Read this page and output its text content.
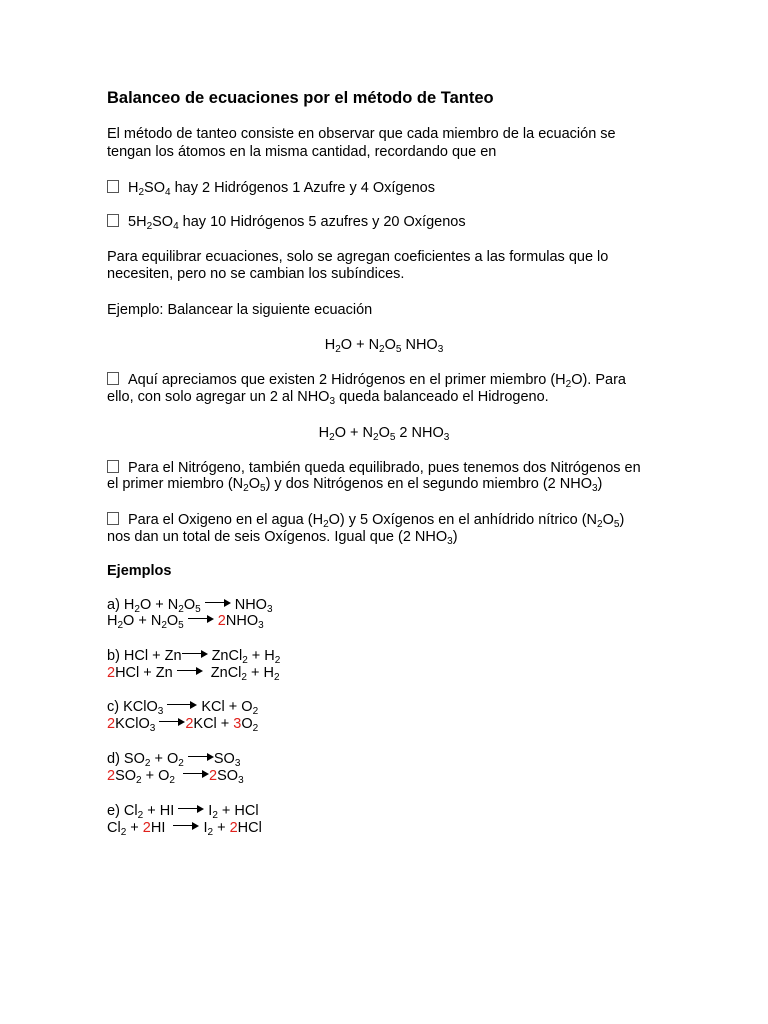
Balanceo de ecuaciones por el método de Tanteo
El método de tanteo consiste en observar que cada miembro de la ecuación se
tengan los átomos en la misma cantidad, recordando que en
$H_2SO_4$ hay 2 Hidrógenos 1 Azufre y 4 Oxígenos
$5H_2SO_4$ hay 10 Hidrógenos 5 azufres y 20 Oxígenos
Para equilibrar ecuaciones, solo se agregan coeficientes a las formulas que lo
necesiten, pero no se cambian los subíndices.
Ejemplo: Balancear la siguiente ecuación
$H_2O + N_2O_5$ $NHO_3$
Aquí apreciamos que existen 2 Hidrógenos en el primer miembro $(H_2O)$. Para
ello, con solo agregar un 2 al $NHO_3$ queda balanceado el Hidrogeno.
$H_2O + N_2O_5$ 2 $NHO_3$
Para el Nitrógeno, también queda equilibrado, pues tenemos dos Nitrógenos en
el primer miembro $(N_2O_5)$ y dos Nitrógenos en el segundo miembro (2 $NHO_3$)
Para el Oxigeno en el agua $(H_2O)$ y 5 Oxígenos en el anhídrido nítrico $(N_2O_5)$
nos dan un total de seis Oxígenos. Igual que (2 $NHO_3$)
Ejemplos
a) $H_2O + N_2O_5$  $NHO_3$
$H_2O + N_2O_5$ $2NHO_3$
b) HCl + Zn ZnCl$_2$ + $H_2$
2HCl + Zn   ZnCl$_2$ + $H_2$
c) KClO$_3$  KCl + $O_2$
2KClO$_3$ $2KCl + 3O_2$
d) $SO_2 + O_2$ $SO_3$
$2SO_2 + O_2$ $2SO_3$
e) $Cl_2$ + HI  $I_2$ + HCl
$Cl_2 + 2HI$   $I_2 + 2HCl$
